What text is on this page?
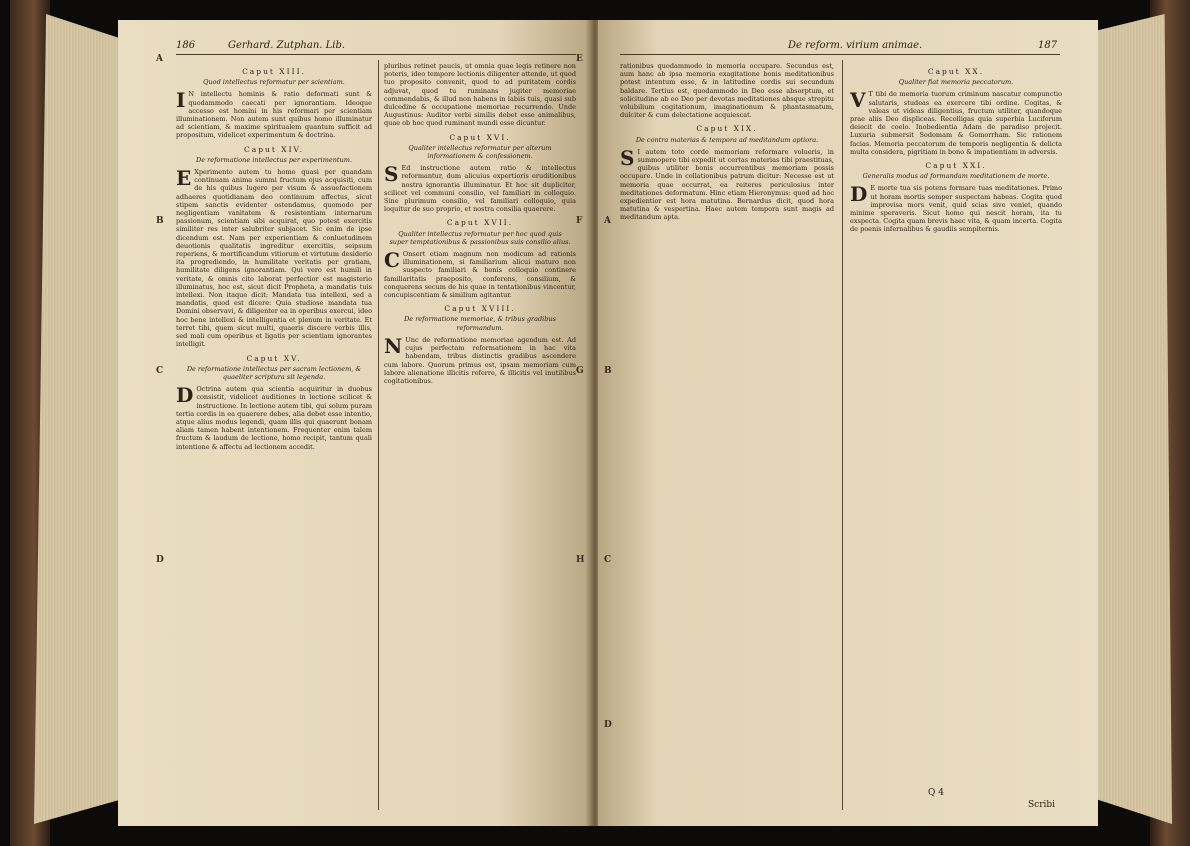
186	Gerhard. Zutphan. Lib.
A
B
C
D
E
F
G
H
Caput XIII.
Quod intellectus reformatur per scientiam.

I N intellectu hominis & ratio deformati sunt & quodammodo caecati per ignorantiam. Ideoque accesso est homini in his reformari per scientiam illuminationem. Non autem sunt quibus homo illuminatur ad scientiam, & maxime spiritualem quantum sufficit ad propositum, videlicet experimentum & doctrina.

Caput XIV.
De reformatione intellectus per experimentum.

E Xperimento autem tu homo quasi per quandam continuam anima summi fructum ejus acquisiti, cum de his quibus lugere per visum & assuefactionem adhaeres quotidianam deo continuum affectus, sicut stipem sanctis evidenter ostendamus, quomodo per negligentiam vanitatem & resistentiam internarum passionum, scientiam sibi acquirat, quo potest exercitis similiter res inter salubriter subjacet. Sic enim de ipse dicendum est. Nam per experientiam & conluetudinem deuotionis qualitatis ingreditur exercitiis, seipsum reperiens, & mortificandum vitiorum et virtutum desiderio ita progrediendo, in humilitate veritatis per gratiam, humilitate diligens ignorantiam. Qui vero est humili in veritate, & omnis cito laborat perfectior est magisterio illuminatus, hoc est, sicut dicit Propheta, a mandatis tuis intellexi. Non itaque dicit: Mandata tua intellexi, sed a mandatis, quod est dicere: Quia studiose mandata tua Domini observavi, & diligenter ea in operibus exercui, ideo hoc bene intellexi & intelligentia et plenum in veritate. Et terret tibi, quem sicut multi, quaeris discere verbis illis, sed mali cum operibus et ligatis per scientiam ignorantes intelligit.

Caput XV.
De reformatione intellectus per sacram lectionem, & quaeliter scriptura sit legenda.

D Octrina autem qua scientia acquiritur in duobus consistit, videlicet auditiones in lectione scilicet & instructione. In lectione autem tibi, qui solum puram tertia cordis in ea quaerere debes, alia debet esse intentio, atque alius modus legendi, quam illis qui quaerunt bonam aliam tamen habent intentionem. Frequenter enim talem fructum & laudum de lectione, homo recipit, tantum quali intentione & affectu ad lectionem accedit.

pluribus retinet paucis, ut omnia quae legis retinere non poteris, ideo tempore lectionis diligenter attende, ut quod tuo proposito convenit, quod te ad puritatem cordis adjuvat, quod tu ruminans jugiter memoriae commendabis, & illud non habens in labiis tuis, quasi sub dulcedine & occupatione memoriae recurrendo. Unde Augustinus: Auditor verbi similis debet esse animalibus, quae ob hoc quod ruminant mundi esse dicuntur.

Caput XVI.
Qualiter intellectus reformatur per alterum informationem & confessionem.

S Ed instructione autem ratio & intellectus reformantur, dum alicuius expertioris eruditionibus nostra ignorantia illuminatur. Et hoc sit dupliciter, scilicet vel communi consilio, vel familiari in colloquio. Sine plurimum consilio, vel familiari colloquio, quia loquitur de suo proprio, et nostra consilia quaerere.

Caput XVII.
Qualiter intellectus reformatur per hoc quod quis super temptationibus & passionibus suis consilio alius.

C Onsert etiam magnum non modicum ad rationis illuminationem, si familiarium alicui maturo non suspecto familiari & bonis colloquio continere familiaritatis praeposito, conferens, consilium, & conquerens secum de his quae in tentationibus vincentur, concupiscentiam & similium agitantur.

Caput XVIII.
De reformatione memoriae, & tribus gradibus reformandum.

N Unc de reformatione memoriae agendum est. Ad cujus perfectam reformationem in hac vita habendam, tribus distinctis gradibus ascendere cum labore. Quorum primus est, ipsam memoriam cum labore alienatione illicitis referre, & illicitis vel inutilibus cogitationibus.

De reform. virium animae.	187
A
B
C
D

rationibus quodammodo in memoria occupare. Secundus est, aum hanc ab ipsa memoria exagitatione bonis meditationibus potest intentum esse, & in latitudine cordis sui secundum baldare. Tertius est, quodammodo in Deo esse absorptum, et solicitudine ab eo Deo per devotas meditationes absque strepitu volubilium cogitationum, imaginationum & phantasmatum, dulciter & cum delectatione acquiescat.

Caput XIX.
De contra materias & tempora ad meditandum aptiora.

S I autem toto corde memoriam reformare volueris, in summopere tibi expedit ut certas materias tibi praestituas, quibus utiliter bonis occurrentibus memoriam possis occupare. Unde in collationibus patrum dicitur: Necesse est ut memoria quae occurrat, ea reiteres periculosius inter meditationes deformatum. Hinc etiam Hieronymus: quod ad hoc expedientior est hora matutina. Bernardus dicit, quod hora matutina & vespertina. Haec autem tempora sunt magis ad meditandum apta.

Caput XX.
Qualiter fiat memoria peccatorum.

V T tibi de memoria tuorum criminum nascatur compunctio salutaris, studeas ea exercere tibi ordine. Cogitas, & valeas ut videas diligentius, fructum utiliter, quandoque prae aliis Deo displiceas. Recolligas quia superbia Luciferum deiecit de coelo. Inobedientia Adam de paradiso projecit. Luxuria submersit Sodomam & Gomorrham. Sic rationem facias. Memoria peccatorum de temporis negligentia & delicta multa considera, pigritiam in bono & impatientiam in adversis.

Caput XXI.
Generalis modus ad formandam meditationem de morte.

D E morte tua sis potens formare tuas meditationes. Primo ut horam mortis semper suspectam habeas. Cogita quod improvisa mors venit, quid scias sive veniet, quando minime speraveris. Sicut homo qui nescit horam, ita tu exspecta. Cogita quam brevis haec vita, & quam incerta. Cogita de poenis infernalibus & gaudiis sempiternis.

Q 4
Scribi
